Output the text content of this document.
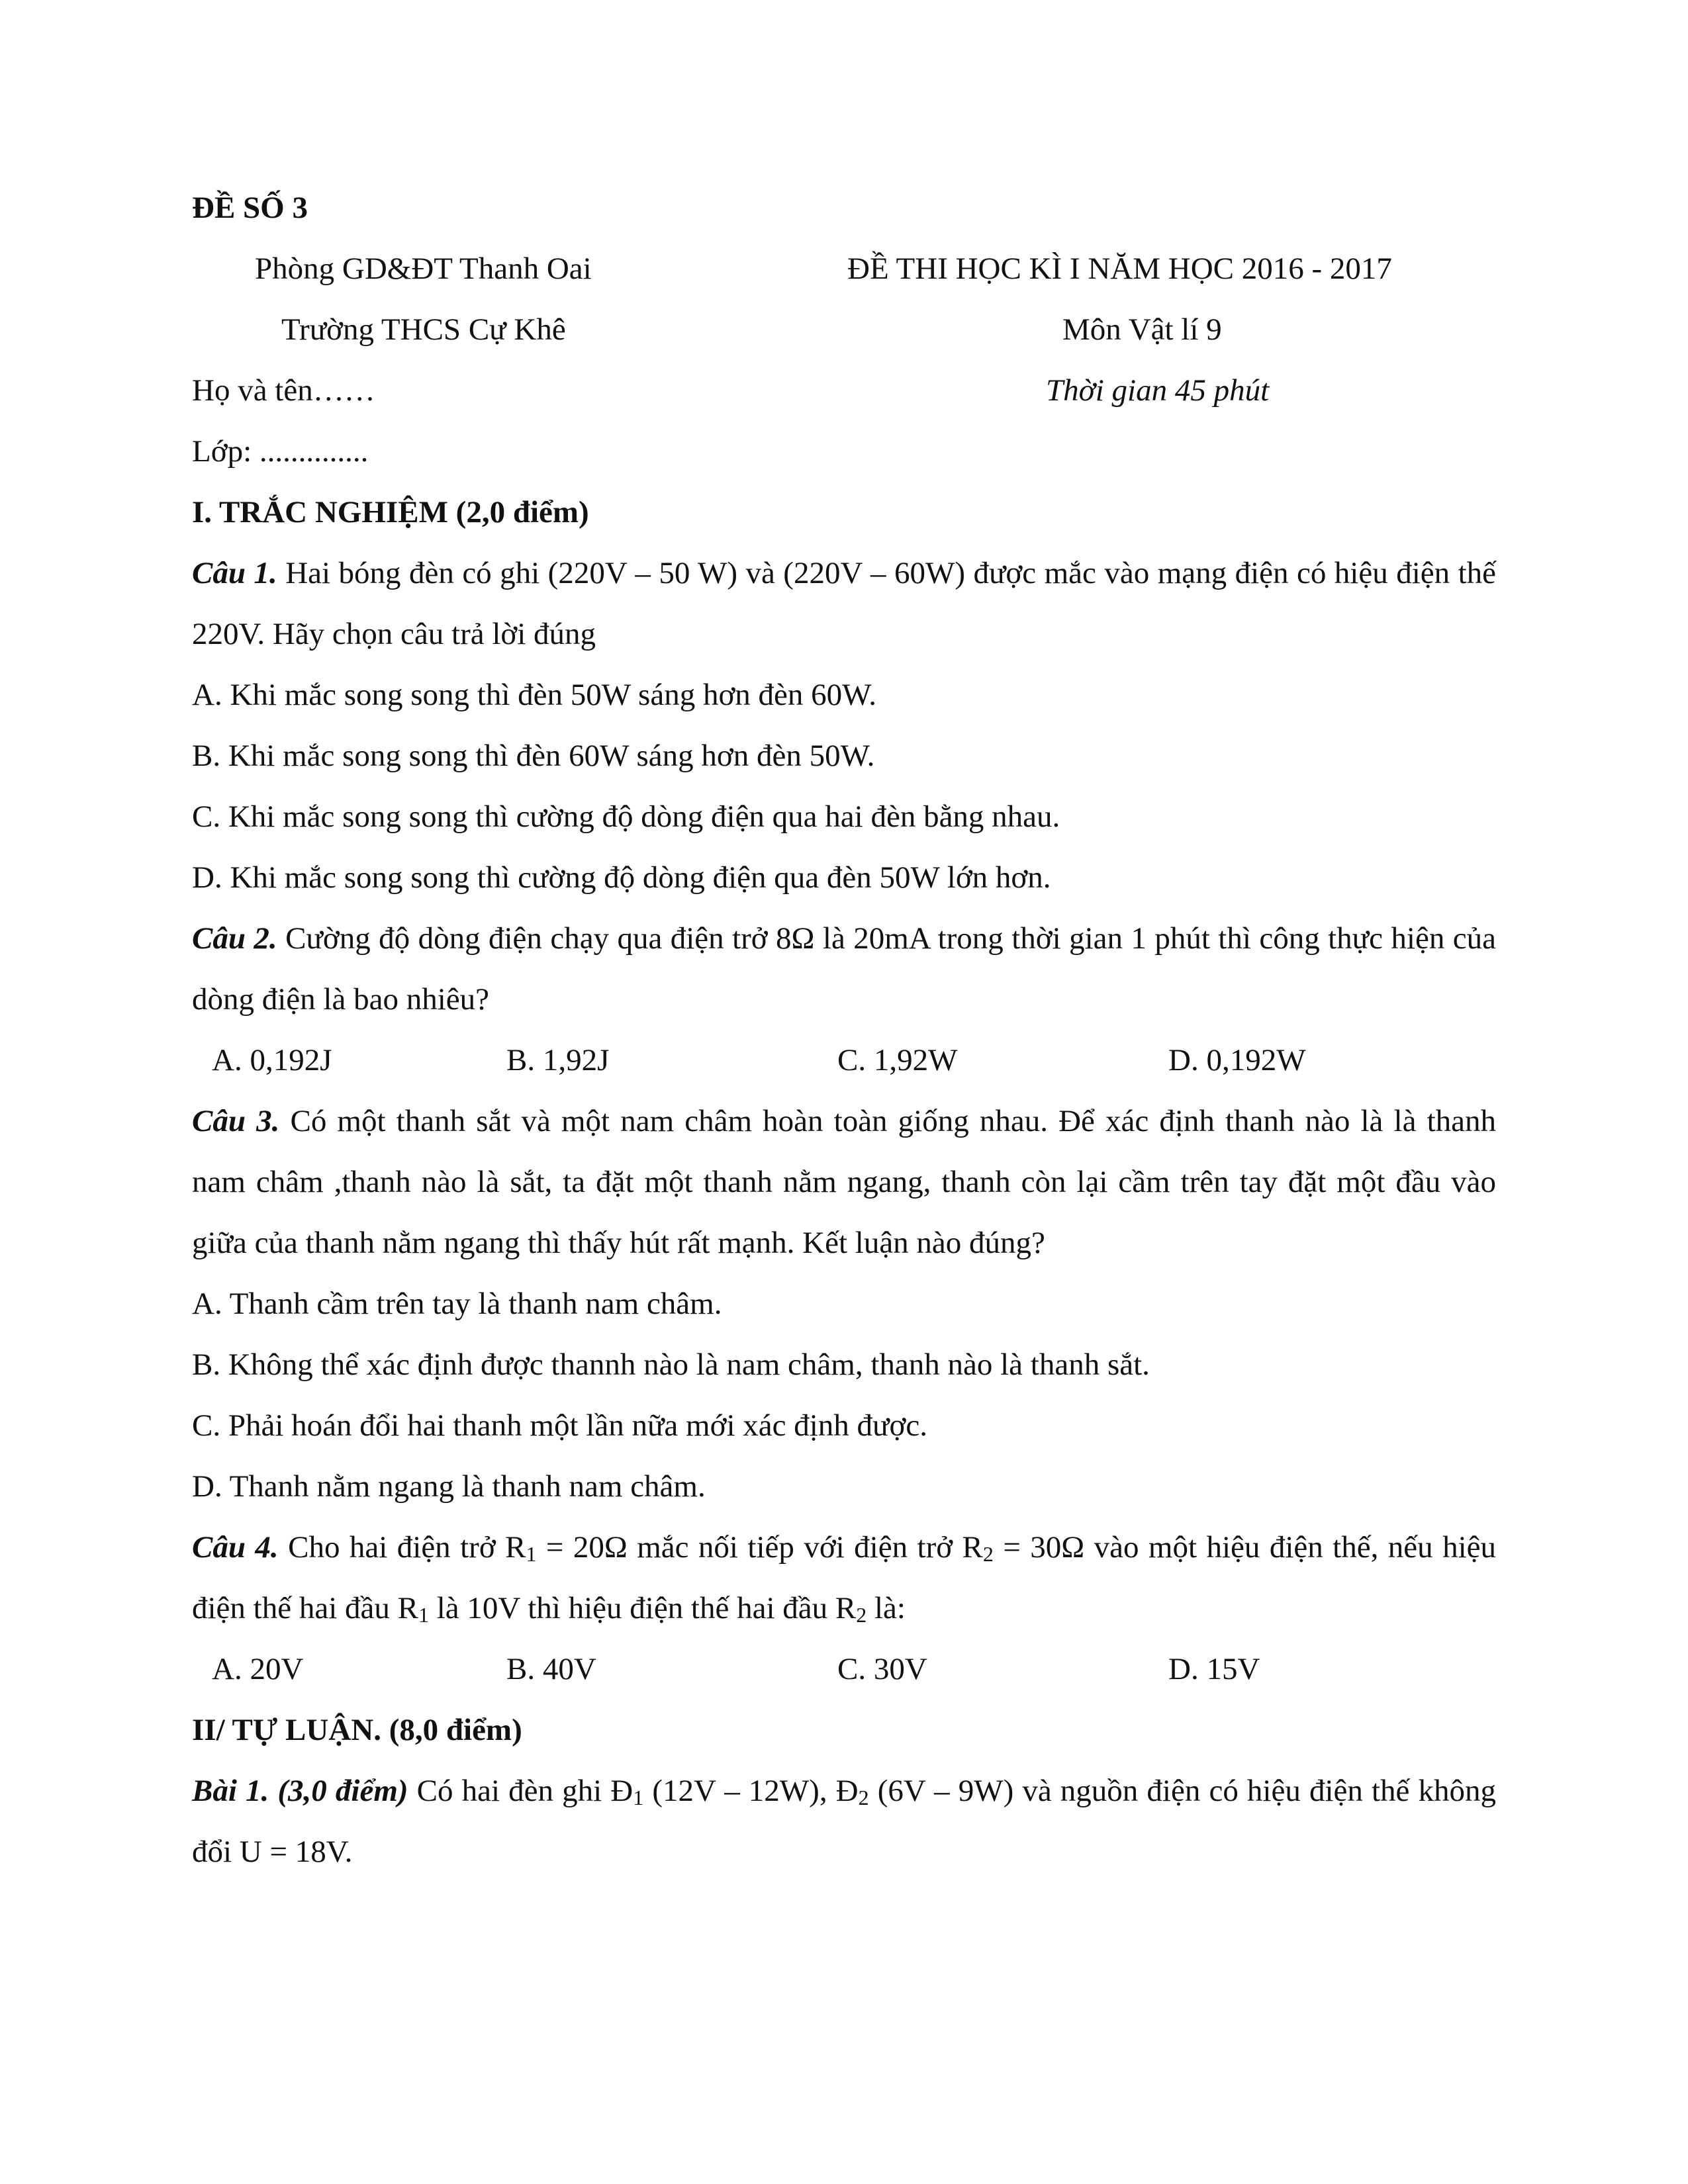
ĐỀ SỐ 3

Phòng GD&ĐT Thanh Oai	ĐỀ THI HỌC KÌ I NĂM HỌC 2016 - 2017
Trường THCS Cự Khê	Môn Vật lí 9
Họ và tên……	Thời gian 45 phút

Lớp: ..............

I. TRẮC NGHIỆM (2,0 điểm)

Câu 1. Hai bóng đèn có ghi (220V – 50 W) và (220V – 60W) được mắc vào mạng điện có hiệu điện thế 220V. Hãy chọn câu trả lời đúng

A. Khi mắc song song thì đèn 50W sáng hơn đèn 60W.

B. Khi mắc song song thì đèn 60W sáng hơn đèn 50W.

C. Khi mắc song song thì cường độ dòng điện qua hai đèn bằng nhau.

D. Khi mắc song song thì cường độ dòng điện qua đèn 50W lớn hơn.

Câu 2. Cường độ dòng điện chạy qua điện trở 8Ω là 20mA trong thời gian 1 phút thì công thực hiện của dòng điện là bao nhiêu?

A. 0,192J	B. 1,92J	C. 1,92W	D. 0,192W

Câu 3. Có một thanh sắt và một nam châm hoàn toàn giống nhau. Để xác định thanh nào là là thanh nam châm ,thanh nào là sắt, ta đặt một thanh nằm ngang, thanh còn lại cầm trên tay đặt một đầu vào giữa của thanh nằm ngang thì thấy hút rất mạnh. Kết luận nào đúng?

A. Thanh cầm trên tay là thanh nam châm.

B. Không thể xác định được thannh nào là nam châm, thanh nào là thanh sắt.

C. Phải hoán đổi hai thanh một lần nữa mới xác định được.

D. Thanh nằm ngang là thanh nam châm.

Câu 4. Cho hai điện trở $R_1 = 20\Omega$ mắc nối tiếp với điện trở $R_2 = 30\Omega$ vào một hiệu điện thế, nếu hiệu điện thế hai đầu $R_1$ là 10V thì hiệu điện thế hai đầu $R_2$ là:

A. 20V	B. 40V	C. 30V	D. 15V

II/ TỰ LUẬN. (8,0 điểm)

Bài 1. (3,0 điểm) Có hai đèn ghi $Đ_1$ (12V – 12W), $Đ_2$ (6V – 9W) và nguồn điện có hiệu điện thế không đổi U = 18V.
